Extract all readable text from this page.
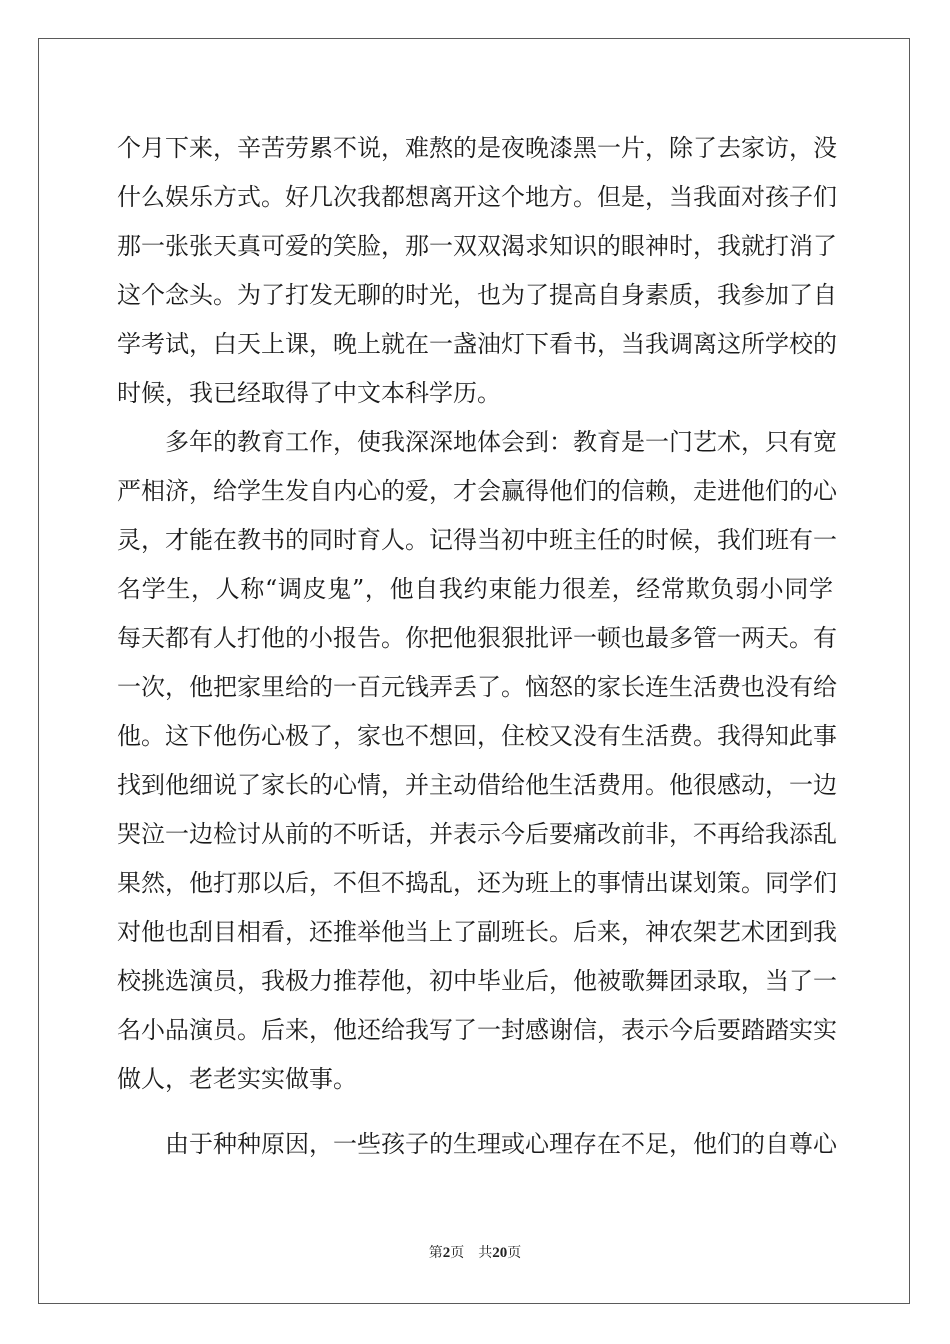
个月下来，辛苦劳累不说，难熬的是夜晚漆黑一片，除了去家访，没
什么娱乐方式。好几次我都想离开这个地方。但是，当我面对孩子们
那一张张天真可爱的笑脸，那一双双渴求知识的眼神时，我就打消了
这个念头。为了打发无聊的时光，也为了提高自身素质，我参加了自
学考试，白天上课，晚上就在一盏油灯下看书，当我调离这所学校的
时候，我已经取得了中文本科学历。
多年的教育工作，使我深深地体会到：教育是一门艺术，只有宽
严相济，给学生发自内心的爱，才会赢得他们的信赖，走进他们的心
灵，才能在教书的同时育人。记得当初中班主任的时候，我们班有一
名学生，人称“调皮鬼”，他自我约束能力很差，经常欺负弱小同学
每天都有人打他的小报告。你把他狠狠批评一顿也最多管一两天。有
一次，他把家里给的一百元钱弄丢了。恼怒的家长连生活费也没有给
他。这下他伤心极了，家也不想回，住校又没有生活费。我得知此事
找到他细说了家长的心情，并主动借给他生活费用。他很感动，一边
哭泣一边检讨从前的不听话，并表示今后要痛改前非，不再给我添乱
果然，他打那以后，不但不捣乱，还为班上的事情出谋划策。同学们
对他也刮目相看，还推举他当上了副班长。后来，神农架艺术团到我
校挑选演员，我极力推荐他，初中毕业后，他被歌舞团录取，当了一
名小品演员。后来，他还给我写了一封感谢信，表示今后要踏踏实实
做人，老老实实做事。
由于种种原因，一些孩子的生理或心理存在不足，他们的自尊心
第2页 共20页
